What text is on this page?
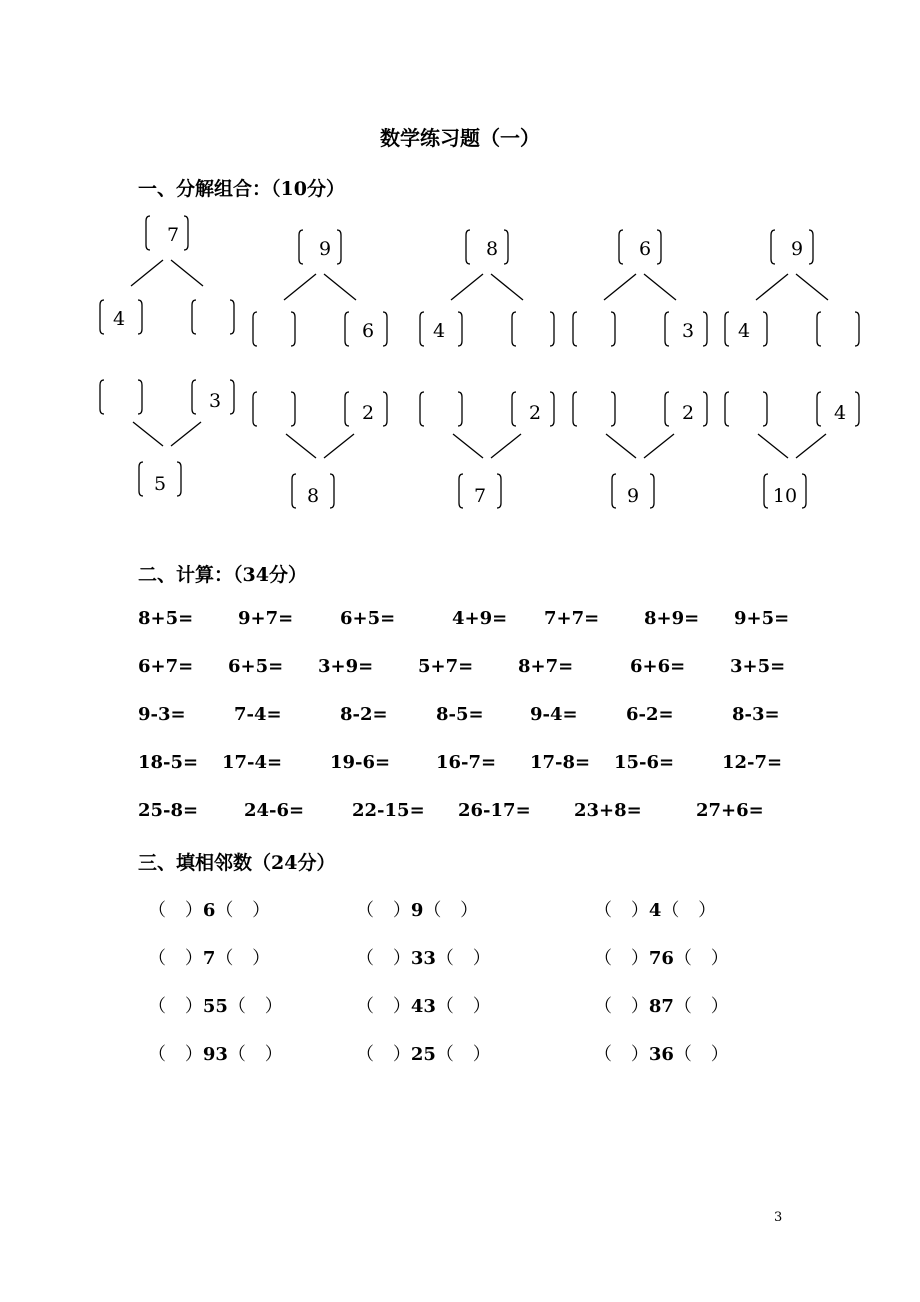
数学练习题（一）
一、分解组合：（10分）
7
4
9
6
8
4
6
3
9
4
3
5
2
8
2
7
2
9
4
10
二、计算：（34分）
8+5= 9+7=	6+5=	4+9= 7+7= 8+9= 9+5=
6+7= 6+5= 3+9= 5+7= 8+7=	6+6= 3+5=
9-3=	7-4=	8-2=	8-5=	9-4=	6-2=	8-3=
18-5= 17-4=	19-6=	16-7= 17-8= 15-6=	12-7=
25-8=	24-6=	22-15= 26-17= 23+8=	27+6=
三、填相邻数（24分）
（ ）6（ ）	（ ）9（ ）	（ ）4（ ）
（ ）7（ ）	（ ）33（ ）	（ ）76（ ）
（ ）55（ ）	（ ）43（ ）	（ ）87（ ）
（ ）93（ ）	（ ）25（ ）	（ ）36（ ）
3
